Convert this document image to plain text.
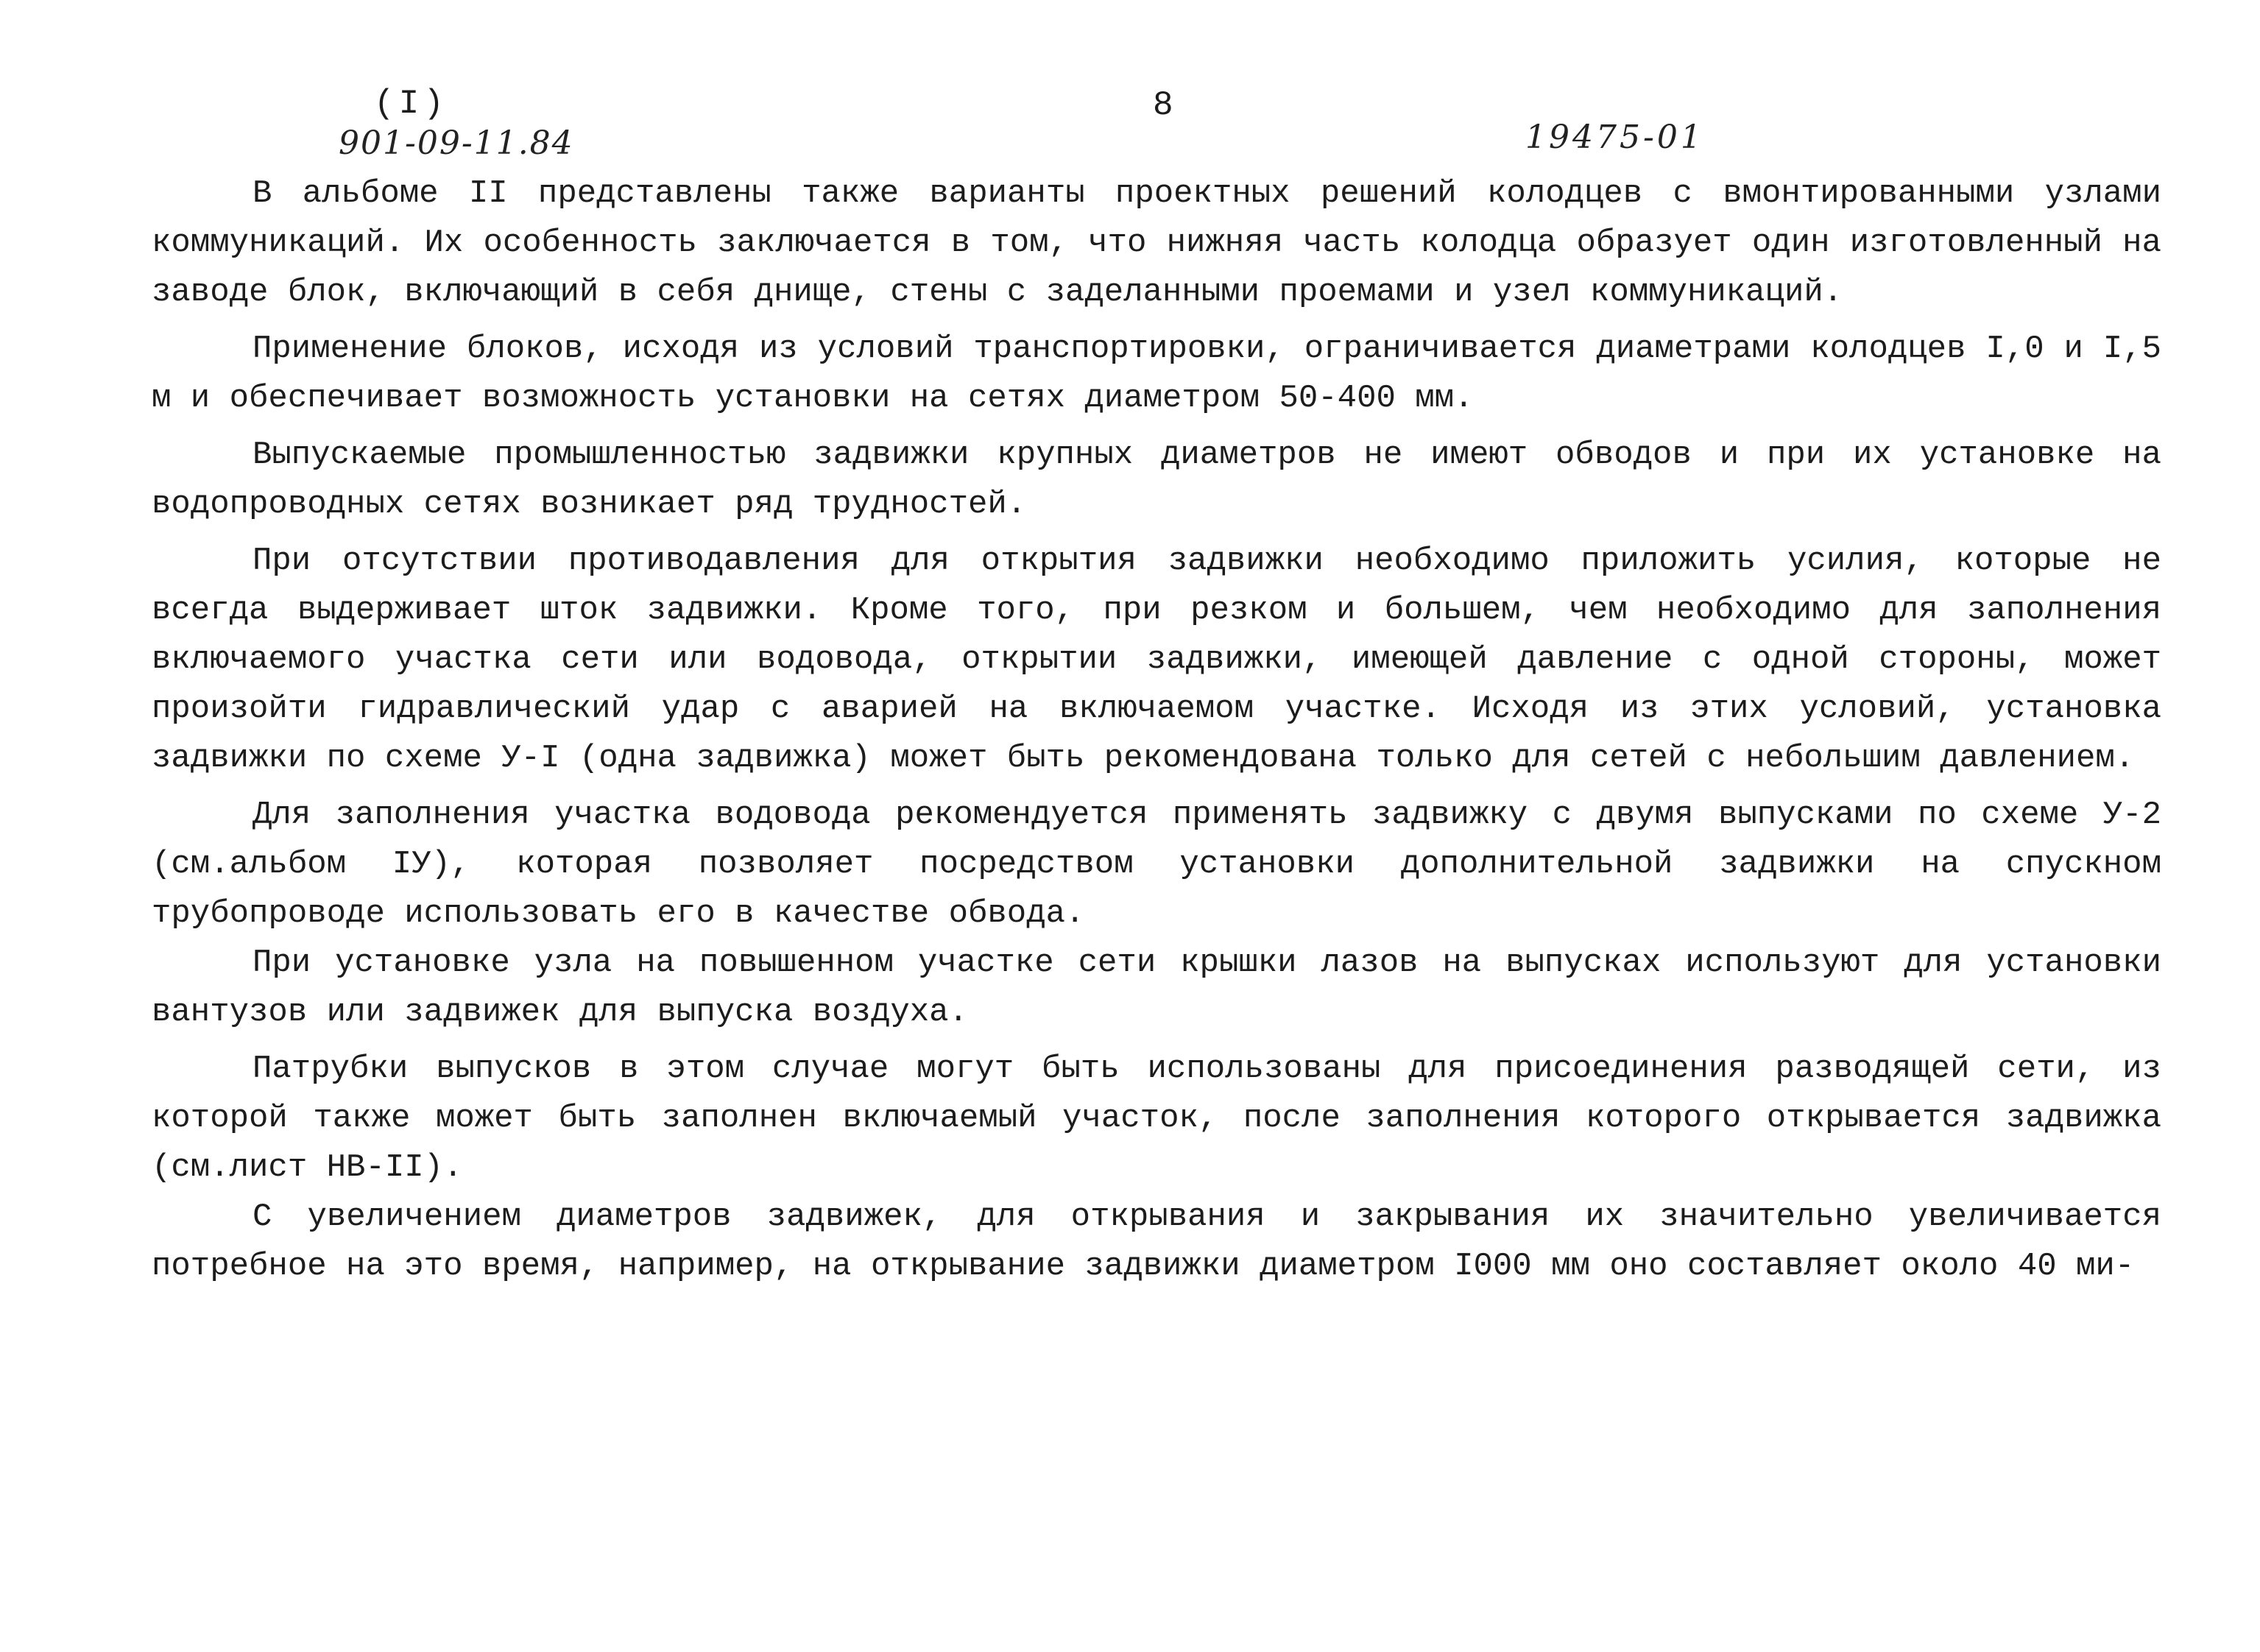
(I)	8
901-09-11.84	19475-01

В альбоме II представлены также варианты проектных решений колодцев с вмонтированными узлами коммуникаций. Их особенность заключается в том, что нижняя часть колодца образует один изготовленный на заводе блок, включающий в себя днище, стены с заделанными проемами и узел коммуникаций.

Применение блоков, исходя из условий транспортировки, ограничивается диаметрами колодцев I,0 и I,5 м и обеспечивает возможность установки на сетях диаметром 50-400 мм.

Выпускаемые промышленностью задвижки крупных диаметров не имеют обводов и при их установке на водопроводных сетях возникает ряд трудностей.

При отсутствии противодавления для открытия задвижки необходимо приложить усилия, которые не всегда выдерживает шток задвижки. Кроме того, при резком и большем, чем необходимо для заполнения включаемого участка сети или водовода, открытии задвижки, имеющей давление с одной стороны, может произойти гидравлический удар с аварией на включаемом участке. Исходя из этих условий, установка задвижки по схеме У-I (одна задвижка) может быть рекомендована только для сетей с небольшим давлением.

Для заполнения участка водовода рекомендуется применять задвижку с двумя выпусками по схеме У-2 (см.альбом IУ), которая позволяет посредством установки дополнительной задвижки на спускном трубопроводе использовать его в качестве обвода.

При установке узла на повышенном участке сети крышки лазов на выпусках используют для установки вантузов или задвижек для выпуска воздуха.

Патрубки выпусков в этом случае могут быть использованы для присоединения разводящей сети, из которой также может быть заполнен включаемый участок, после заполнения которого открывается задвижка (см.лист НВ-II).

С увеличением диаметров задвижек, для открывания и закрывания их значительно увеличивается потребное на это время, например, на открывание задвижки диаметром I000 мм оно составляет около 40 ми-
